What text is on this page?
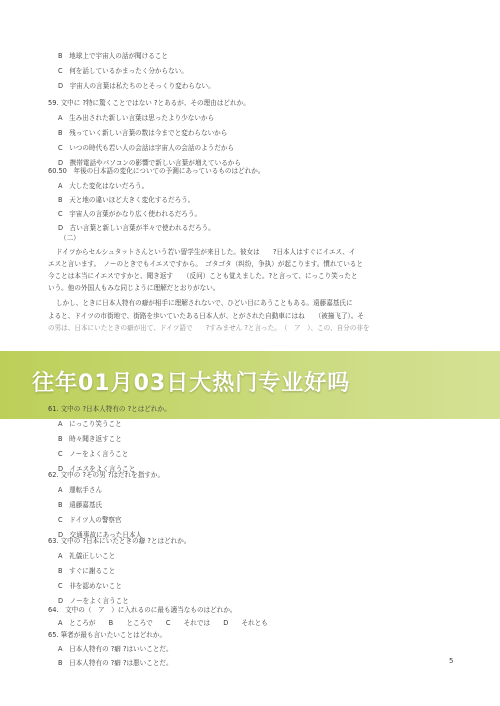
B　地球上で宇宙人の話が聞けること
C　何を話しているかまったく分からない。
D　宇宙人の言葉は私たちのとそっくり変わらない。
59. 文中に ?特に驚くことではない ?とあるが、その理由はどれか。
A　生み出された新しい言葉は思ったより少ないから
B　残っていく新しい言葉の数は今までと変わらないから
C　いつの時代も若い人の会話は宇宙人の会話のようだから
D　携帯電話やパソコンの影響で新しい言葉が増えているから
60.50　年後の日本語の変化についての予測にあっているものはどれか。
A　大した変化はないだろう。
B　天と地の違いほど大きく変化するだろう。
C　宇宙人の言葉がかなり広く使われるだろう。
D　古い言葉と新しい言葉が半々で使われるだろう。
（二）
ドイツからセルシュタットさんという若い留学生が来日した。彼女は　　?日本人はすぐにイエス、イ
エスと言います。　ノーのときでもイエスですから。　ゴタゴタ（纠纷，争执）が起こります。慣れていると
今ことは本当にイエスですかと、聞き返す　　（反问）ことも覚えました。?と言って、にっこり笑ったと
いう。他の外国人もみな同じように理解だとおりがない。
しかし、ときに日本人特有の癖が相手に理解されないで、ひどい目にあうこともある。遠藤嘉基氏に
よると、ドイツの市街地で、街路を歩いていたある日本人が、とがされた自動車にはね　　（被撞飞了）。そ
の男は、日本にいたときの癖が出て、ドイツ語で　　?すみません ?と言った。　（　ア　）、この、自分の非を
往年01月03日大热门专业好吗
61. 文中の ?日本人特有の ?とはどれか。
A　にっこり笑うこと
B　時々聞き返すこと
C　ノーをよく言うこと
D　イエスをよく言うこと
62. 文中の ?その男 ?はだれを指すか。
A　運転手さん
B　遠藤嘉基氏
C　ドイツ人の警察官
D　交通事故にあった日本人
63. 文中の ?日本にいたときの癖 ?とはどれか。
A　礼儀正しいこと
B　すぐに謝ること
C　非を認めないこと
D　ノーをよく言うこと
64.　文中の（　ア　）に入れるのに最も適当なものはどれか。
A　ところが　　B　　ところで　　C　　それでは　　D　　それとも
65. 筆者が最も言いたいことはどれか。
A　日本人特有の ?癖 ?はいいことだ。
B　日本人特有の ?癖 ?は悪いことだ。	5
